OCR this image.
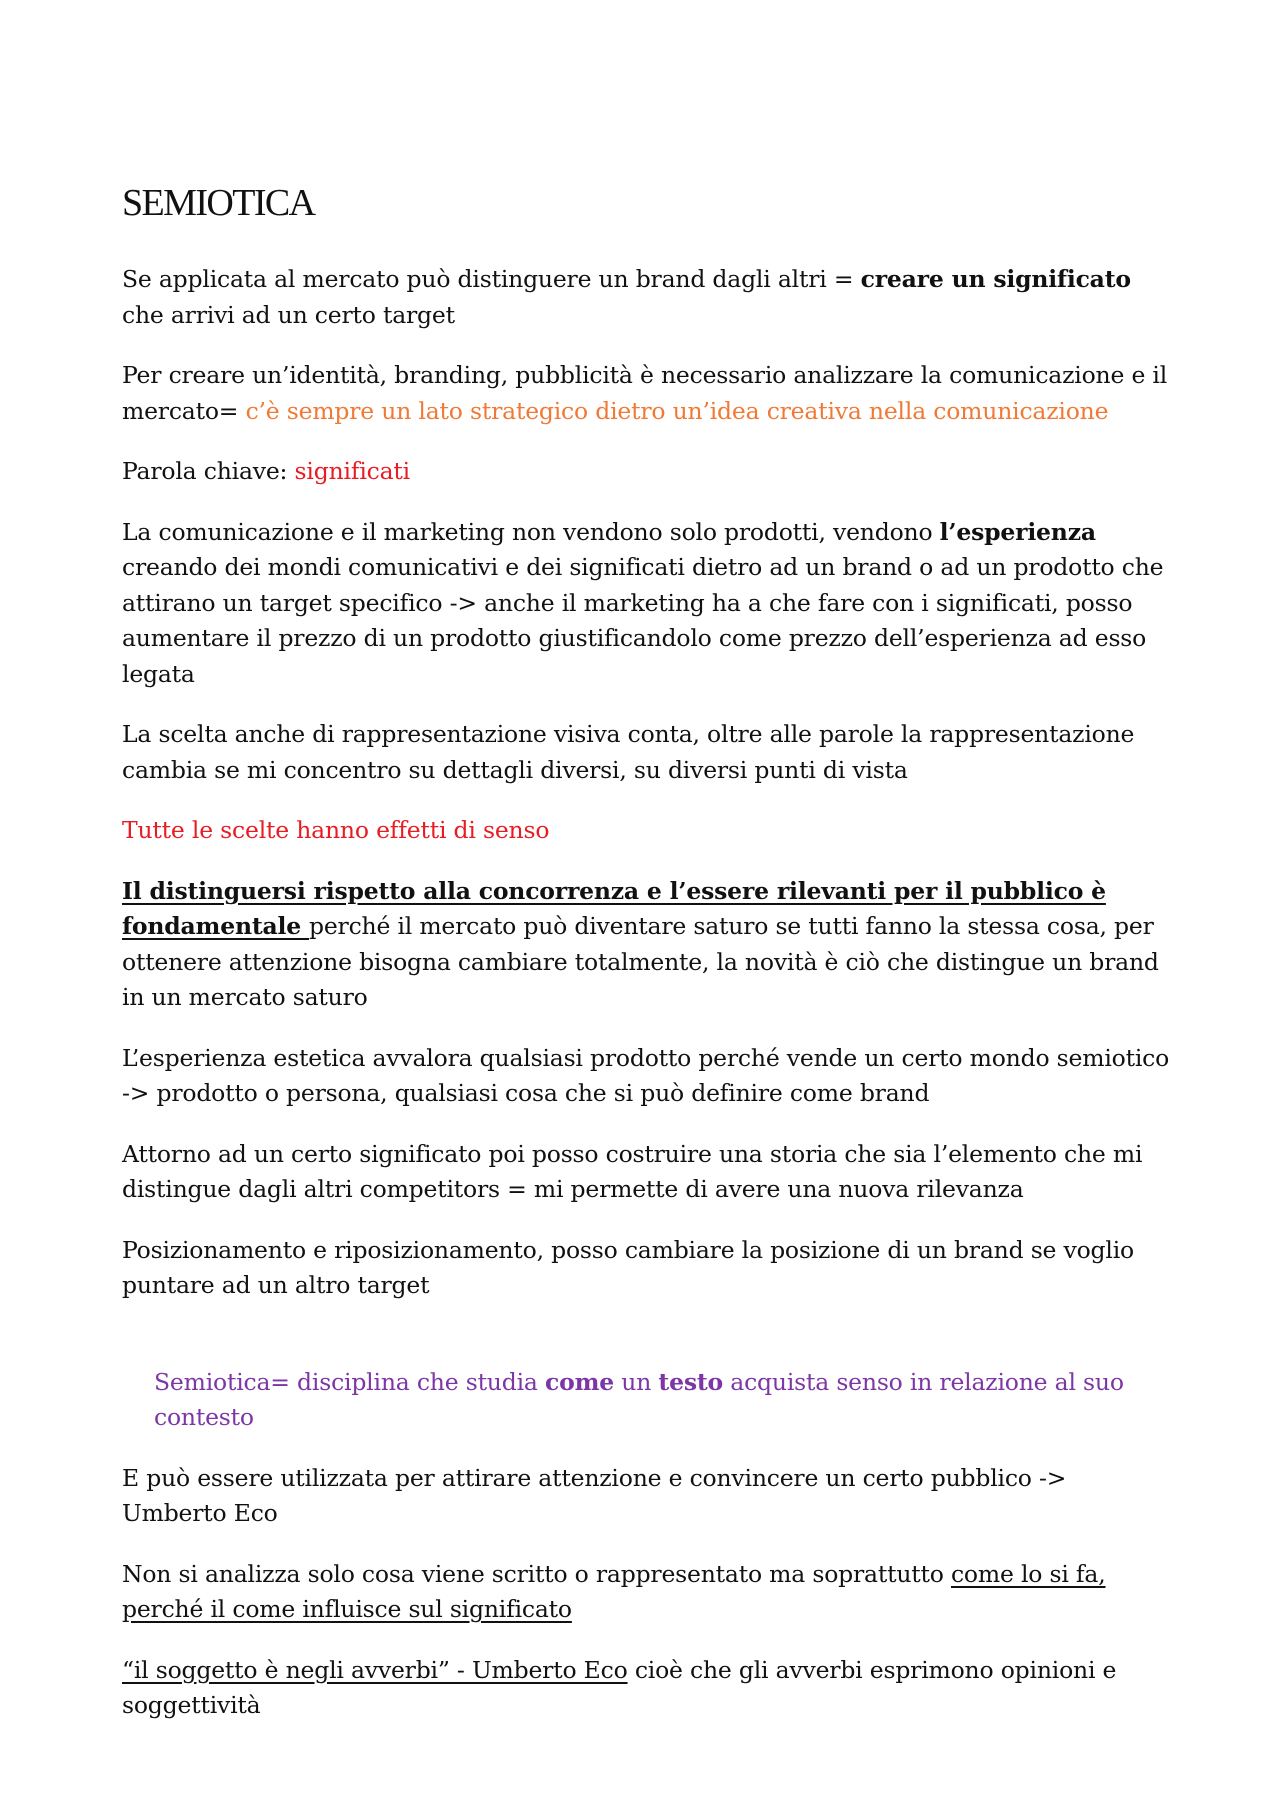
SEMIOTICA

Se applicata al mercato può distinguere un brand dagli altri = creare un significato che arrivi ad un certo target

Per creare un’identità, branding, pubblicità è necessario analizzare la comunicazione e il mercato= c’è sempre un lato strategico dietro un’idea creativa nella comunicazione

Parola chiave: significati

La comunicazione e il marketing non vendono solo prodotti, vendono l’esperienza creando dei mondi comunicativi e dei significati dietro ad un brand o ad un prodotto che attirano un target specifico -> anche il marketing ha a che fare con i significati, posso aumentare il prezzo di un prodotto giustificandolo come prezzo dell’esperienza ad esso legata

La scelta anche di rappresentazione visiva conta, oltre alle parole la rappresentazione cambia se mi concentro su dettagli diversi, su diversi punti di vista

Tutte le scelte hanno effetti di senso

Il distinguersi rispetto alla concorrenza e l’essere rilevanti per il pubblico è fondamentale perché il mercato può diventare saturo se tutti fanno la stessa cosa, per ottenere attenzione bisogna cambiare totalmente, la novità è ciò che distingue un brand in un mercato saturo

L’esperienza estetica avvalora qualsiasi prodotto perché vende un certo mondo semiotico -> prodotto o persona, qualsiasi cosa che si può definire come brand

Attorno ad un certo significato poi posso costruire una storia che sia l’elemento che mi distingue dagli altri competitors = mi permette di avere una nuova rilevanza

Posizionamento e riposizionamento, posso cambiare la posizione di un brand se voglio puntare ad un altro target

Semiotica= disciplina che studia come un testo acquista senso in relazione al suo contesto

E può essere utilizzata per attirare attenzione e convincere un certo pubblico -> Umberto Eco

Non si analizza solo cosa viene scritto o rappresentato ma soprattutto come lo si fa, perché il come influisce sul significato

“il soggetto è negli avverbi” - Umberto Eco cioè che gli avverbi esprimono opinioni e soggettività
